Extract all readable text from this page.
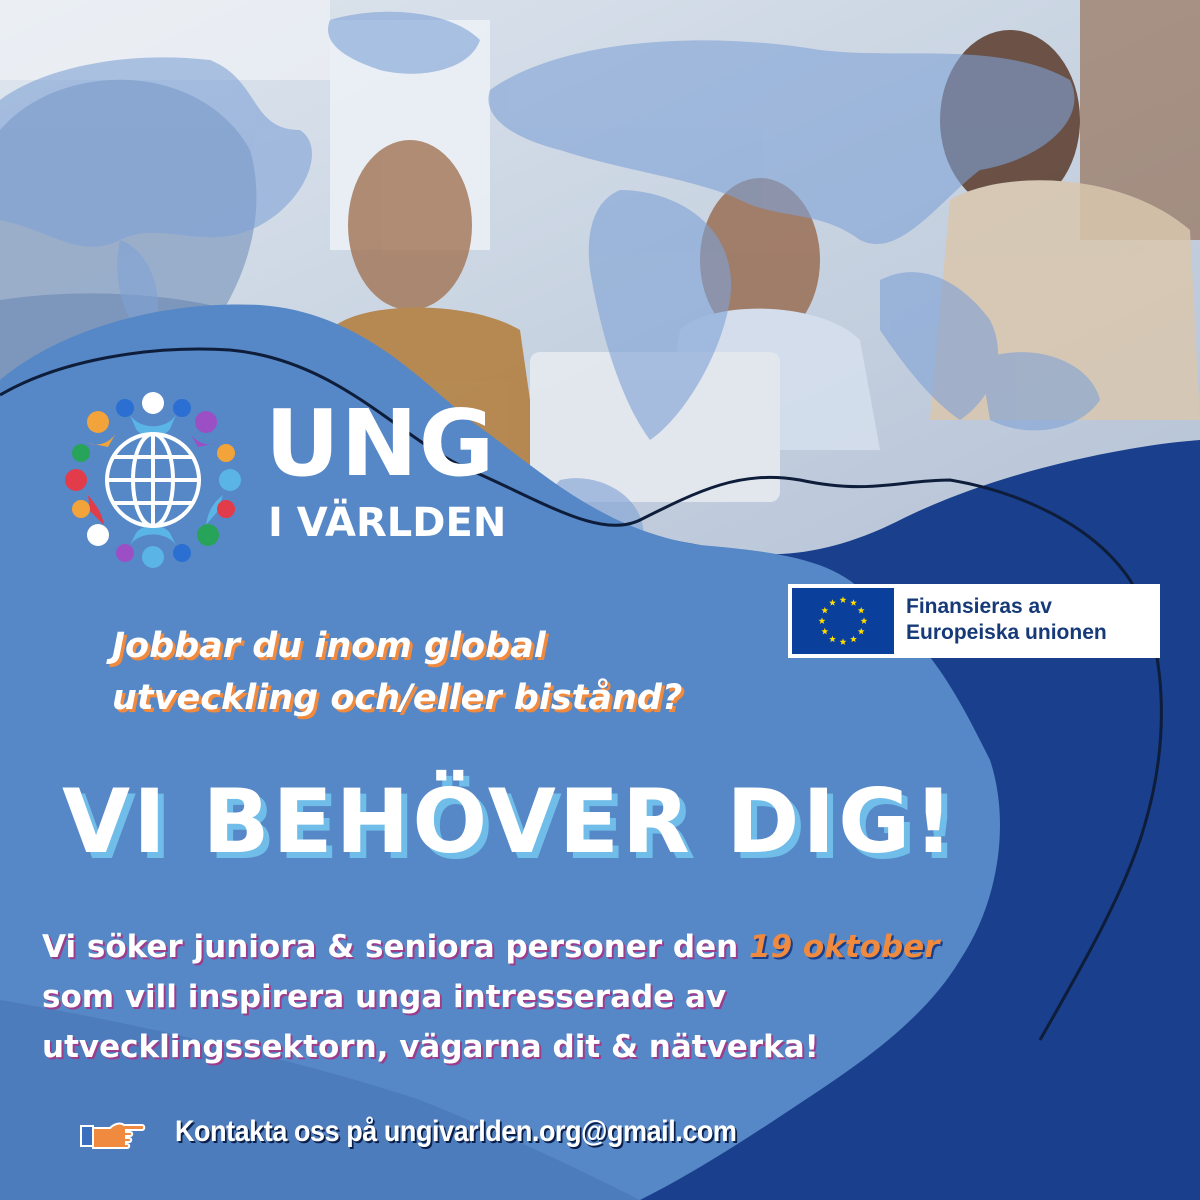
UNG
I VÄRLDEN
Finansieras av
Europeiska unionen
Jobbar du inom global
utveckling och/eller bistånd?
VI BEHÖVER DIG!
Vi söker juniora & seniora personer den 19 oktober
som vill inspirera unga intresserade av
utvecklingssektorn, vägarna dit & nätverka!
Kontakta oss på ungivarlden.org@gmail.com
